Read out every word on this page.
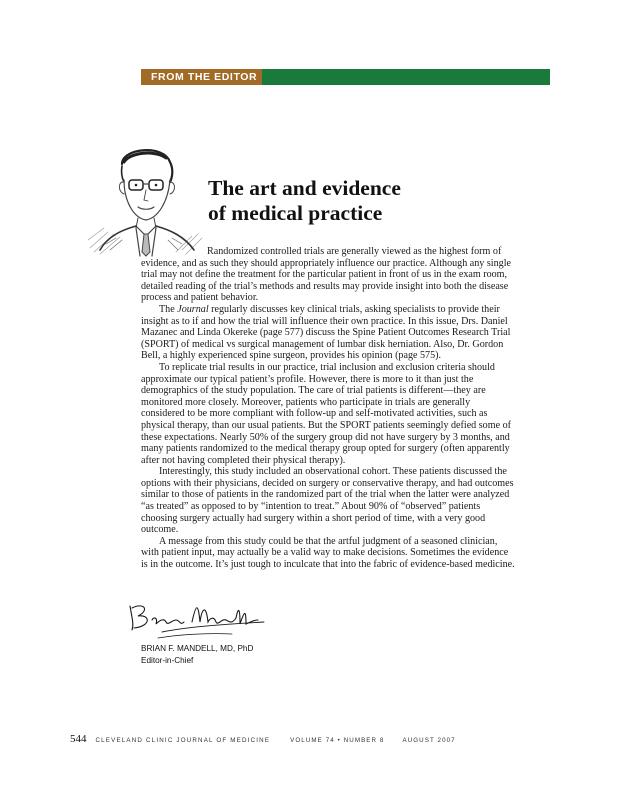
FROM THE EDITOR
The art and evidence
of medical practice

Randomized controlled trials are generally viewed as the highest form of evidence, and as such they should appropriately influence our practice. Although any single trial may not define the treatment for the particular patient in front of us in the exam room, detailed reading of the trial’s methods and results may provide insight into both the disease process and patient behavior.

The Journal regularly discusses key clinical trials, asking specialists to provide their insight as to if and how the trial will influence their own practice. In this issue, Drs. Daniel Mazanec and Linda Okereke (page 577) discuss the Spine Patient Outcomes Research Trial (SPORT) of medical vs surgical management of lumbar disk herniation. Also, Dr. Gordon Bell, a highly experienced spine surgeon, provides his opinion (page 575).

To replicate trial results in our practice, trial inclusion and exclusion criteria should approximate our typical patient’s profile. However, there is more to it than just the demographics of the study population. The care of trial patients is different—they are monitored more closely. Moreover, patients who participate in trials are generally considered to be more compliant with follow-up and self-motivated activities, such as physical therapy, than our usual patients. But the SPORT patients seemingly defied some of these expectations. Nearly 50% of the surgery group did not have surgery by 3 months, and many patients randomized to the medical therapy group opted for surgery (often apparently after not having completed their physical therapy).

Interestingly, this study included an observational cohort. These patients discussed the options with their physicians, decided on surgery or conservative therapy, and had outcomes similar to those of patients in the randomized part of the trial when the latter were analyzed “as treated” as opposed to by “intention to treat.” About 90% of “observed” patients choosing surgery actually had surgery within a short period of time, with a very good outcome.

A message from this study could be that the artful judgment of a seasoned clinician, with patient input, may actually be a valid way to make decisions. Sometimes the evidence is in the outcome. It’s just tough to inculcate that into the fabric of evidence-based medicine.

BRIAN F. MANDELL, MD, PhD
Editor-in-Chief
544 CLEVELAND CLINIC JOURNAL OF MEDICINE	VOLUME 74 • NUMBER 8	AUGUST 2007
